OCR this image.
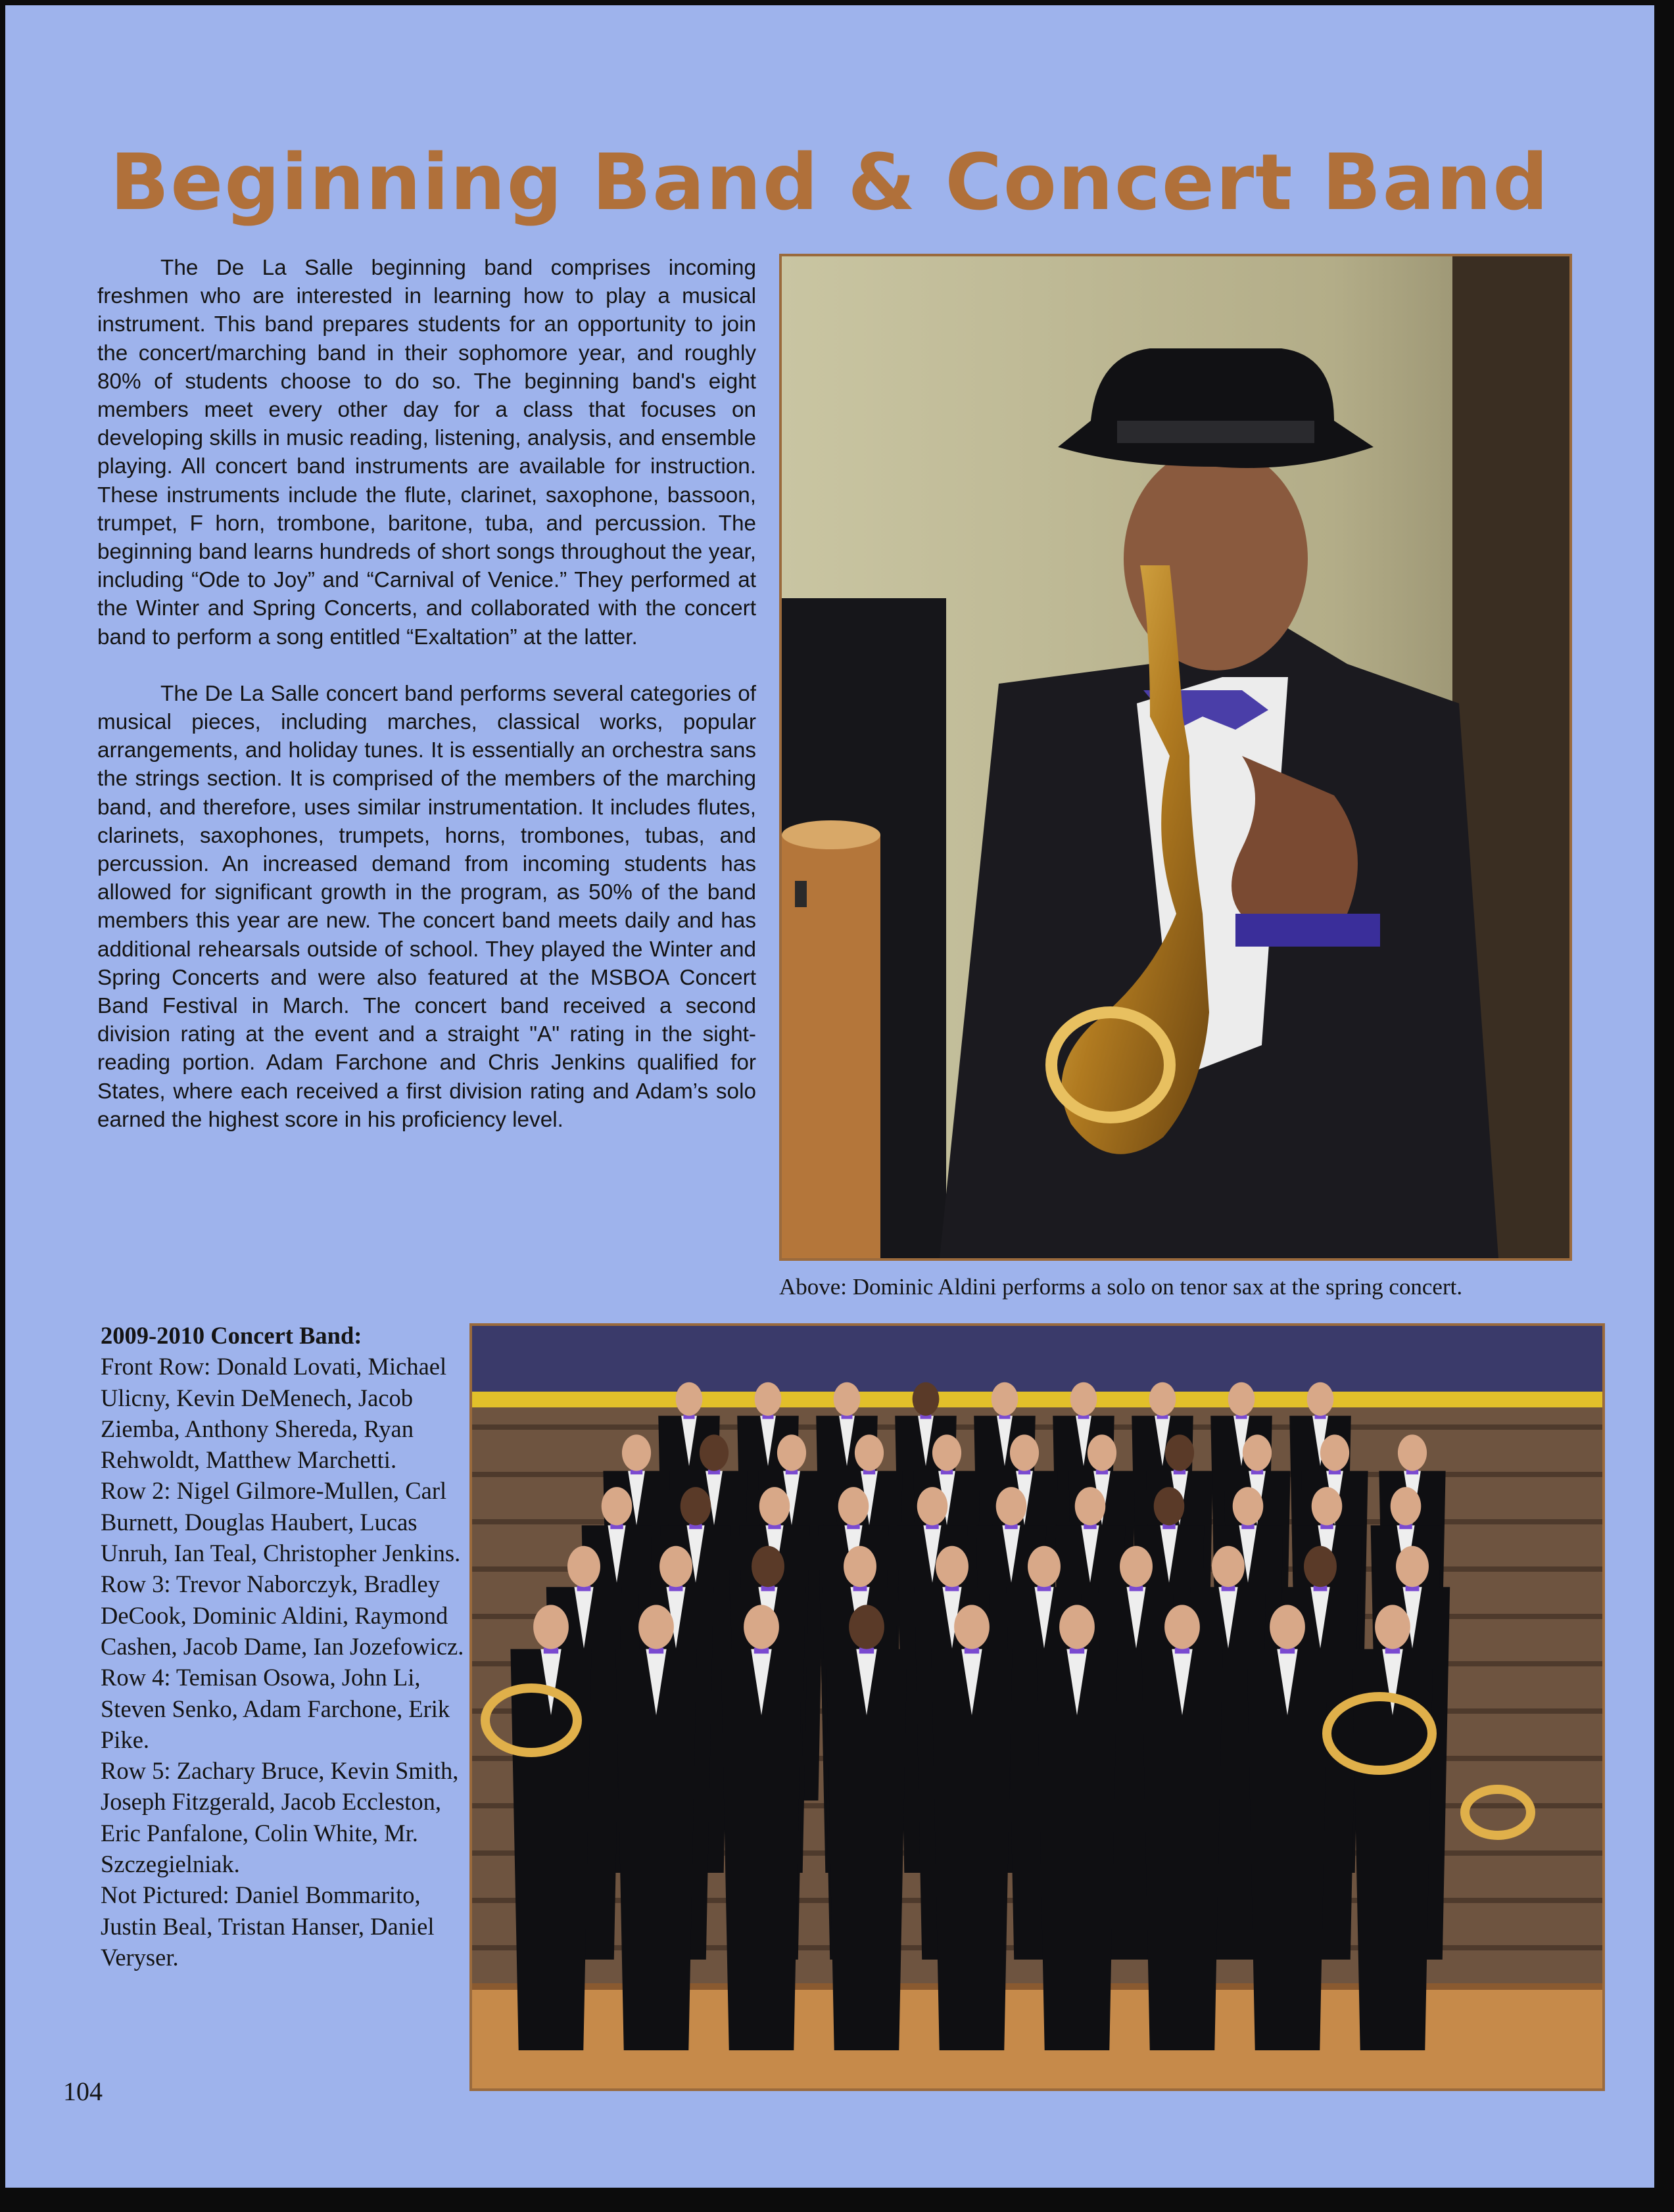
Beginning Band & Concert Band

The De La Salle beginning band comprises incoming freshmen who are interested in learning how to play a musical instrument. This band prepares students for an opportunity to join the concert/marching band in their sophomore year, and roughly 80% of students choose to do so. The beginning band's eight members meet every other day for a class that focuses on developing skills in music reading, listening, analysis, and ensemble playing. All concert band instruments are available for instruction. These instruments include the flute, clarinet, saxophone, bassoon, trumpet, F horn, trombone, baritone, tuba, and percussion. The beginning band learns hundreds of short songs throughout the year, including “Ode to Joy” and “Carnival of Venice.” They performed at the Winter and Spring Concerts, and collaborated with the concert band to perform a song entitled “Exaltation” at the latter.

The De La Salle concert band performs several categories of musical pieces, including marches, classical works, popular arrangements, and holiday tunes. It is essentially an orchestra sans the strings section. It is comprised of the members of the marching band, and therefore, uses similar instrumentation. It includes flutes, clarinets, saxophones, trumpets, horns, trombones, tubas, and percussion. An increased demand from incoming students has allowed for significant growth in the program, as 50% of the band members this year are new. The concert band meets daily and has additional rehearsals outside of school. They played the Winter and Spring Concerts and were also featured at the MSBOA Concert Band Festival in March. The concert band received a second division rating at the event and a straight "A" rating in the sight-reading portion. Adam Farchone and Chris Jenkins qualified for States, where each received a first division rating and Adam’s solo earned the highest score in his proficiency level.

Above: Dominic Aldini performs a solo on tenor sax at the spring concert.

2009-2010 Concert Band:
Front Row: Donald Lovati, Michael Ulicny, Kevin DeMenech, Jacob Ziemba, Anthony Shereda, Ryan Rehwoldt, Matthew Marchetti.
Row 2: Nigel Gilmore-Mullen, Carl Burnett, Douglas Haubert, Lucas Unruh, Ian Teal, Christopher Jenkins.
Row 3: Trevor Naborczyk, Bradley DeCook, Dominic Aldini, Raymond Cashen, Jacob Dame, Ian Jozefowicz.
Row 4: Temisan Osowa, John Li, Steven Senko, Adam Farchone, Erik Pike.
Row 5: Zachary Bruce, Kevin Smith, Joseph Fitzgerald, Jacob Eccleston, Eric Panfalone, Colin White, Mr. Szczegielniak.
Not Pictured: Daniel Bommarito, Justin Beal, Tristan Hanser, Daniel Veryser.

104
